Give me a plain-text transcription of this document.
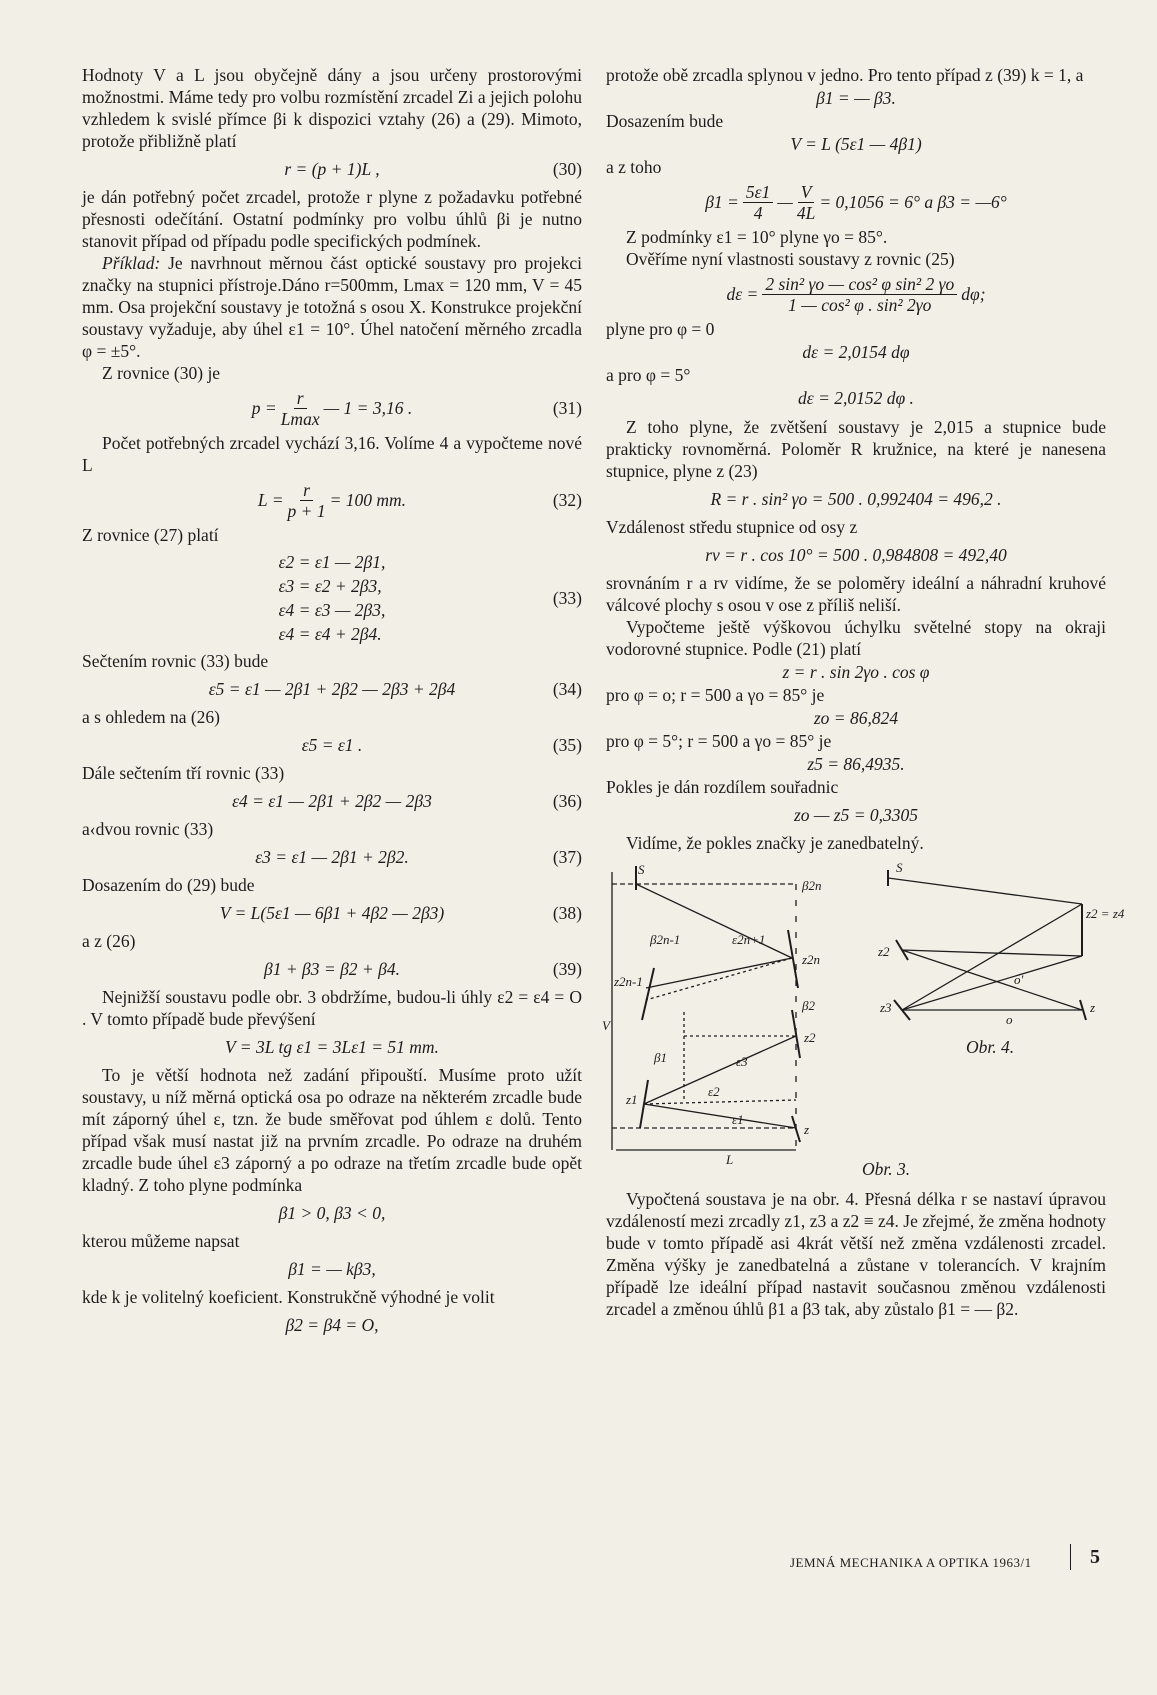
Hodnoty V a L jsou obyčejně dány a jsou určeny prostorovými možnostmi. Máme tedy pro volbu rozmístění zrcadel Zi a jejich polohu vzhledem k svislé přímce βi k dispozici vztahy (26) a (29). Mimoto, protože přibližně platí

r = (p + 1)L ,	(30)

je dán potřebný počet zrcadel, protože r plyne z požadavku potřebné přesnosti odečítání. Ostatní podmínky pro volbu úhlů βi je nutno stanovit případ od případu podle specifických podmínek.

Příklad: Je navrhnout měrnou část optické soustavy pro projekci značky na stupnici přístroje.Dáno r=500mm, Lmax = 120 mm, V = 45 mm. Osa projekční soustavy je totožná s osou X. Konstrukce projekční soustavy vyžaduje, aby úhel ε1 = 10°. Úhel natočení měrného zrcadla φ = ±5°.

Z rovnice (30) je

$p = \frac{r}{Lmax}$ — 1 = 3,16 .	(31)

Počet potřebných zrcadel vychází 3,16. Volíme 4 a vypočteme nové L

$L = \frac{r}{p + 1} = 100$ mm.	(32)

Z rovnice (27) platí

ε2 = ε1 — 2β1,
ε3 = ε2 + 2β3,
ε4 = ε3 — 2β3,
ε4 = ε4 + 2β4.
(33)

Sečtením rovnic (33) bude

ε5 = ε1 — 2β1 + 2β2 — 2β3 + 2β4	(34)

a s ohledem na (26)

ε5 = ε1 .	(35)

Dále sečtením tří rovnic (33)

ε4 = ε1 — 2β1 + 2β2 — 2β3	(36)

a‹dvou rovnic (33)

ε3 = ε1 — 2β1 + 2β2.	(37)

Dosazením do (29) bude

V = L(5ε1 — 6β1 + 4β2 — 2β3)	(38)

a z (26)

β1 + β3 = β2 + β4.	(39)

Nejnižší soustavu podle obr. 3 obdržíme, budou-li úhly ε2 = ε4 = O . V tomto případě bude převýšení

V = 3L tg ε1 = 3Lε1 = 51 mm.

To je větší hodnota než zadání připouští. Musíme proto užít soustavy, u níž měrná optická osa po odraze na některém zrcadle bude mít záporný úhel ε, tzn. že bude směřovat pod úhlem ε dolů. Tento případ však musí nastat již na prvním zrcadle. Po odraze na druhém zrcadle bude úhel ε3 záporný a po odraze na třetím zrcadle bude opět kladný. Z toho plyne podmínka

β1 > 0, β3 < 0,

kterou můžeme napsat

β1 = — kβ3,

kde k je volitelný koeficient. Konstrukčně výhodné je volit

β2 = β4 = O,

protože obě zrcadla splynou v jedno. Pro tento případ z (39) k = 1, a

β1 = — β3.

Dosazením bude

V = L (5ε1 — 4β1)

a z toho

$\beta 1 = \frac{5\varepsilon 1}{4}$ — $\frac{V}{4L} = 0,1056 = 6^\circ$ a β3 = —6°

Z podmínky ε1 = 10° plyne γo = 85°.

Ověříme nyní vlastnosti soustavy z rovnic (25)

$d\varepsilon = \frac{\text{2 sin² γo — cos² φ sin² 2 γo}}{\text{1 — cos² φ . sin² 2γo}} d\varphi$;

plyne pro φ = 0

dε = 2,0154 dφ

a pro φ = 5°

dε = 2,0152 dφ .

Z toho plyne, že zvětšení soustavy je 2,015 a stupnice bude prakticky rovnoměrná. Poloměr R kružnice, na které je nanesena stupnice, plyne z (23)

R = r . sin² γo = 500 . 0,992404 = 496,2 .

Vzdálenost středu stupnice od osy z

rv = r . cos 10° = 500 . 0,984808 = 492,40

srovnáním r a rv vidíme, že se poloměry ideální a náhradní kruhové válcové plochy s osou v ose z příliš neliší.

Vypočteme ještě výškovou úchylku světelné stopy na okraji vodorovné stupnice. Podle (21) platí

z = r . sin 2γo . cos φ

pro φ = o; r = 500 a γo = 85° je

zo = 86,824

pro φ = 5°; r = 500 a γo = 85° je

z5 = 86,4935.

Pokles je dán rozdílem souřadnic

zo — z5 = 0,3305

Vidíme, že pokles značky je zanedbatelný.

S
β2n
β2n-1	ε2n+1
z2n
z2n-1
V
β2
β1	ε3
z2
z1
ε2
ε1
z
L
S
z2 = z4
z2
z3
o'
o
z
Obr. 4.
Obr. 3.

Vypočtená soustava je na obr. 4. Přesná délka r se nastaví úpravou vzdáleností mezi zrcadly z1, z3 a z2 ≡ z4. Je zřejmé, že změna hodnoty bude v tomto případě asi 4krát větší než změna vzdálenosti zrcadel. Změna výšky je zanedbatelná a zůstane v tolerancích. V krajním případě lze ideální případ nastavit současnou změnou vzdálenosti zrcadel a změnou úhlů β1 a β3 tak, aby zůstalo β1 = — β2.

JEMNÁ MECHANIKA A OPTIKA 1963/1	5
